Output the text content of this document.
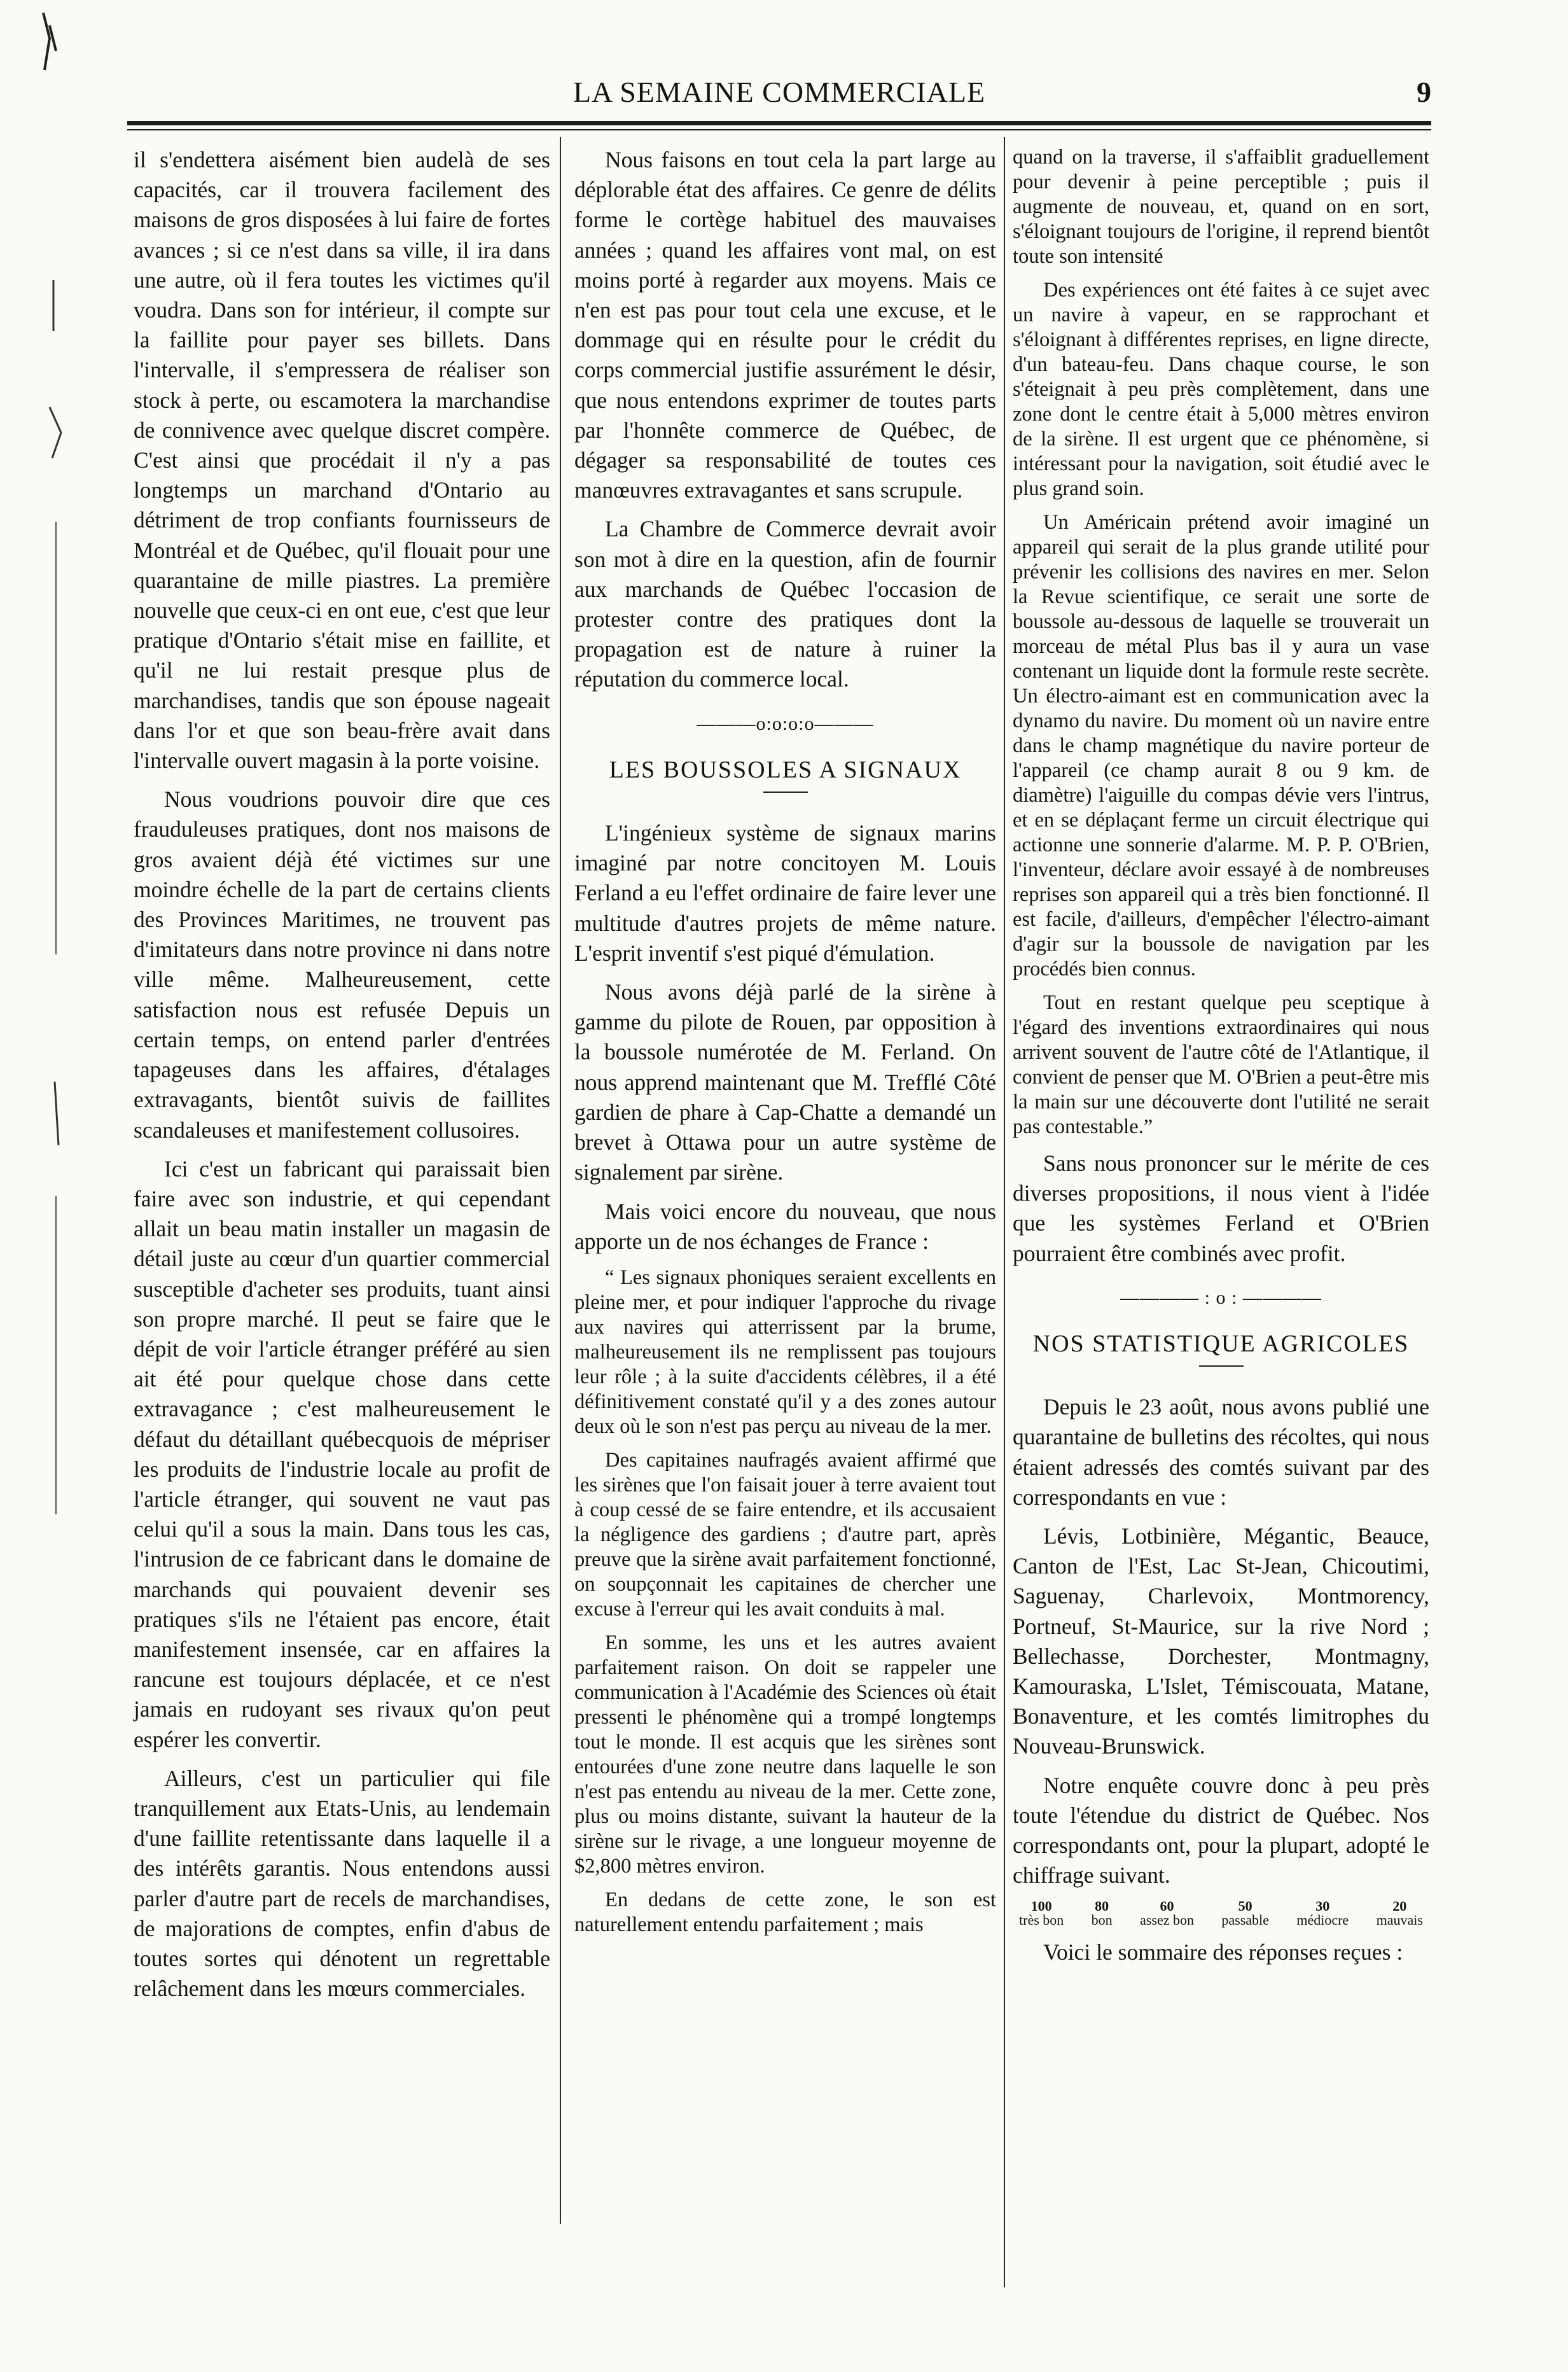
LA SEMAINE COMMERCIALE	9

il s'endettera aisément bien audelà de ses capacités, car il trouvera facilement des maisons de gros disposées à lui faire de fortes avances ; si ce n'est dans sa ville, il ira dans une autre, où il fera toutes les victimes qu'il voudra. Dans son for intérieur, il compte sur la faillite pour payer ses billets. Dans l'intervalle, il s'empressera de réaliser son stock à perte, ou escamotera la marchandise de connivence avec quelque discret compère. C'est ainsi que procédait il n'y a pas longtemps un marchand d'Ontario au détriment de trop confiants fournisseurs de Montréal et de Québec, qu'il flouait pour une quarantaine de mille piastres. La première nouvelle que ceux-ci en ont eue, c'est que leur pratique d'Ontario s'était mise en faillite, et qu'il ne lui restait presque plus de marchandises, tandis que son épouse nageait dans l'or et que son beau-frère avait dans l'intervalle ouvert magasin à la porte voisine.

Nous voudrions pouvoir dire que ces frauduleuses pratiques, dont nos maisons de gros avaient déjà été victimes sur une moindre échelle de la part de certains clients des Provinces Maritimes, ne trouvent pas d'imitateurs dans notre province ni dans notre ville même. Malheureusement, cette satisfaction nous est refusée Depuis un certain temps, on entend parler d'entrées tapageuses dans les affaires, d'étalages extravagants, bientôt suivis de faillites scandaleuses et manifestement collusoires.

Ici c'est un fabricant qui paraissait bien faire avec son industrie, et qui cependant allait un beau matin installer un magasin de détail juste au cœur d'un quartier commercial susceptible d'acheter ses produits, tuant ainsi son propre marché. Il peut se faire que le dépit de voir l'article étranger préféré au sien ait été pour quelque chose dans cette extravagance ; c'est malheureusement le défaut du détaillant québecquois de mépriser les produits de l'industrie locale au profit de l'article étranger, qui souvent ne vaut pas celui qu'il a sous la main. Dans tous les cas, l'intrusion de ce fabricant dans le domaine de marchands qui pouvaient devenir ses pratiques s'ils ne l'étaient pas encore, était manifestement insensée, car en affaires la rancune est toujours déplacée, et ce n'est jamais en rudoyant ses rivaux qu'on peut espérer les convertir.

Ailleurs, c'est un particulier qui file tranquillement aux Etats-Unis, au lendemain d'une faillite retentissante dans laquelle il a des intérêts garantis. Nous entendons aussi parler d'autre part de recels de marchandises, de majorations de comptes, enfin d'abus de toutes sortes qui dénotent un regrettable relâchement dans les mœurs commerciales.

Nous faisons en tout cela la part large au déplorable état des affaires. Ce genre de délits forme le cortège habituel des mauvaises années ; quand les affaires vont mal, on est moins porté à regarder aux moyens. Mais ce n'en est pas pour tout cela une excuse, et le dommage qui en résulte pour le crédit du corps commercial justifie assurément le désir, que nous entendons exprimer de toutes parts par l'honnête commerce de Québec, de dégager sa responsabilité de toutes ces manœuvres extravagantes et sans scrupule.

La Chambre de Commerce devrait avoir son mot à dire en la question, afin de fournir aux marchands de Québec l'occasion de protester contre des pratiques dont la propagation est de nature à ruiner la réputation du commerce local.

———o:o:o:o———
LES BOUSSOLES A SIGNAUX

L'ingénieux système de signaux marins imaginé par notre concitoyen M. Louis Ferland a eu l'effet ordinaire de faire lever une multitude d'autres projets de même nature. L'esprit inventif s'est piqué d'émulation.

Nous avons déjà parlé de la sirène à gamme du pilote de Rouen, par opposition à la boussole numérotée de M. Ferland. On nous apprend maintenant que M. Trefflé Côté gardien de phare à Cap-Chatte a demandé un brevet à Ottawa pour un autre système de signalement par sirène.

Mais voici encore du nouveau, que nous apporte un de nos échanges de France :

“ Les signaux phoniques seraient excellents en pleine mer, et pour indiquer l'approche du rivage aux navires qui atterrissent par la brume, malheureusement ils ne remplissent pas toujours leur rôle ; à la suite d'accidents célèbres, il a été définitivement constaté qu'il y a des zones autour deux où le son n'est pas perçu au niveau de la mer.

Des capitaines naufragés avaient affirmé que les sirènes que l'on faisait jouer à terre avaient tout à coup cessé de se faire entendre, et ils accusaient la négligence des gardiens ; d'autre part, après preuve que la sirène avait parfaitement fonctionné, on soupçonnait les capitaines de chercher une excuse à l'erreur qui les avait conduits à mal.

En somme, les uns et les autres avaient parfaitement raison. On doit se rappeler une communication à l'Académie des Sciences où était pressenti le phénomène qui a trompé longtemps tout le monde. Il est acquis que les sirènes sont entourées d'une zone neutre dans laquelle le son n'est pas entendu au niveau de la mer. Cette zone, plus ou moins distante, suivant la hauteur de la sirène sur le rivage, a une longueur moyenne de $2,800 mètres environ.

En dedans de cette zone, le son est naturellement entendu parfaitement ; mais

quand on la traverse, il s'affaiblit graduellement pour devenir à peine perceptible ; puis il augmente de nouveau, et, quand on en sort, s'éloignant toujours de l'origine, il reprend bientôt toute son intensité

Des expériences ont été faites à ce sujet avec un navire à vapeur, en se rapprochant et s'éloignant à différentes reprises, en ligne directe, d'un bateau-feu. Dans chaque course, le son s'éteignait à peu près complètement, dans une zone dont le centre était à 5,000 mètres environ de la sirène. Il est urgent que ce phénomène, si intéressant pour la navigation, soit étudié avec le plus grand soin.

Un Américain prétend avoir imaginé un appareil qui serait de la plus grande utilité pour prévenir les collisions des navires en mer. Selon la Revue scientifique, ce serait une sorte de boussole au-dessous de laquelle se trouverait un morceau de métal Plus bas il y aura un vase contenant un liquide dont la formule reste secrète. Un électro-aimant est en communication avec la dynamo du navire. Du moment où un navire entre dans le champ magnétique du navire porteur de l'appareil (ce champ aurait 8 ou 9 km. de diamètre) l'aiguille du compas dévie vers l'intrus, et en se déplaçant ferme un circuit électrique qui actionne une sonnerie d'alarme. M. P. P. O'Brien, l'inventeur, déclare avoir essayé à de nombreuses reprises son appareil qui a très bien fonctionné. Il est facile, d'ailleurs, d'empêcher l'électro-aimant d'agir sur la boussole de navigation par les procédés bien connus.

Tout en restant quelque peu sceptique à l'égard des inventions extraordinaires qui nous arrivent souvent de l'autre côté de l'Atlantique, il convient de penser que M. O'Brien a peut-être mis la main sur une découverte dont l'utilité ne serait pas contestable.”

Sans nous prononcer sur le mérite de ces diverses propositions, il nous vient à l'idée que les systèmes Ferland et O'Brien pourraient être combinés avec profit.

———— : o : ————
NOS STATISTIQUE AGRICOLES

Depuis le 23 août, nous avons publié une quarantaine de bulletins des récoltes, qui nous étaient adressés des comtés suivant par des correspondants en vue :

Lévis, Lotbinière, Mégantic, Beauce, Canton de l'Est, Lac St-Jean, Chicoutimi, Saguenay, Charlevoix, Montmorency, Portneuf, St-Maurice, sur la rive Nord ; Bellechasse, Dorchester, Montmagny, Kamouraska, L'Islet, Témiscouata, Matane, Bonaventure, et les comtés limitrophes du Nouveau-Brunswick.

Notre enquête couvre donc à peu près toute l'étendue du district de Québec. Nos correspondants ont, pour la plupart, adopté le chiffrage suivant.

100
très bon
80
bon
60
assez bon
50
passable
30
médiocre
20
mauvais

Voici le sommaire des réponses reçues :
